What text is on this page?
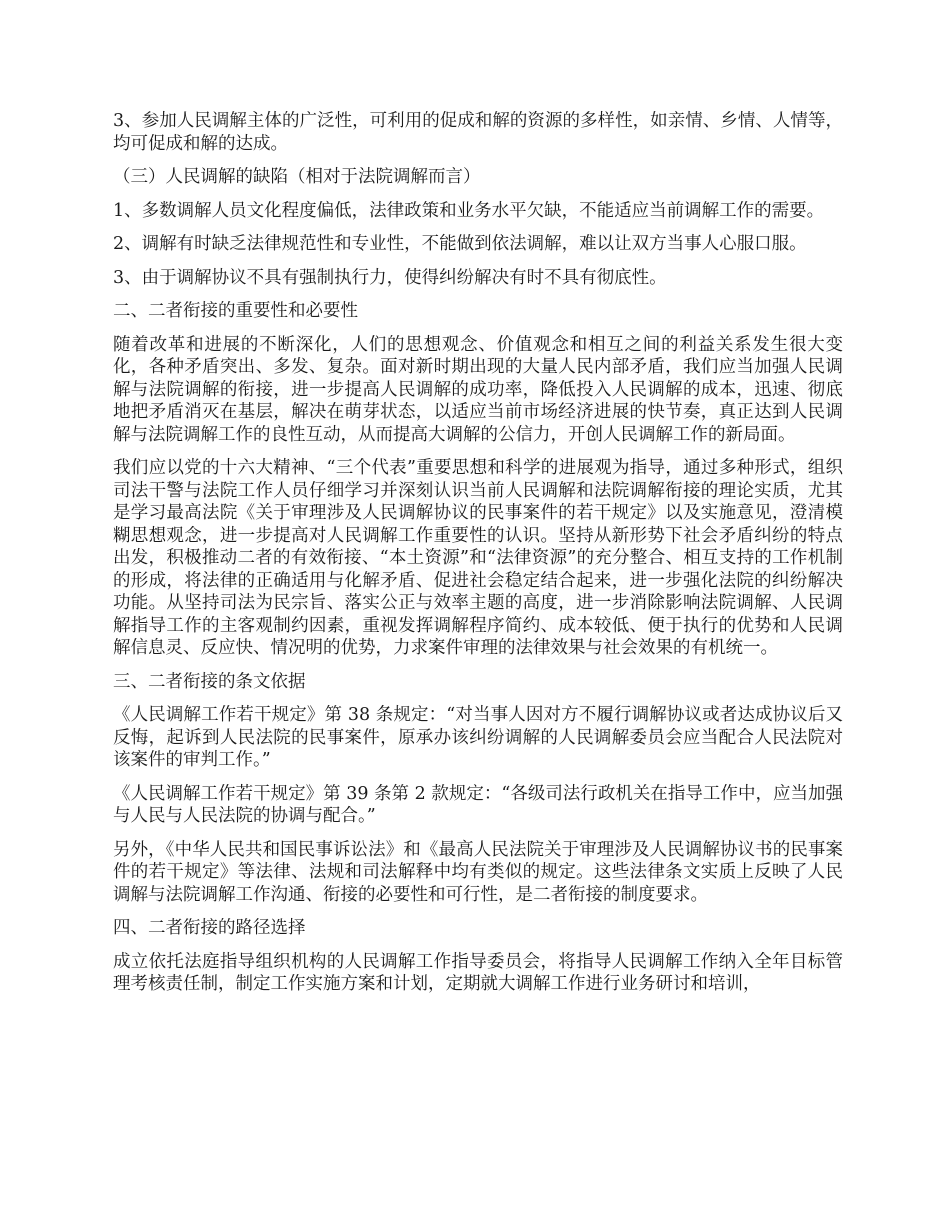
3、参加人民调解主体的广泛性，可利用的促成和解的资源的多样性，如亲情、乡情、人情等，均可促成和解的达成。

（三）人民调解的缺陷（相对于法院调解而言）

1、多数调解人员文化程度偏低，法律政策和业务水平欠缺，不能适应当前调解工作的需要。

2、调解有时缺乏法律规范性和专业性，不能做到依法调解，难以让双方当事人心服口服。

3、由于调解协议不具有强制执行力，使得纠纷解决有时不具有彻底性。

二、二者衔接的重要性和必要性

随着改革和进展的不断深化，人们的思想观念、价值观念和相互之间的利益关系发生很大变化，各种矛盾突出、多发、复杂。面对新时期出现的大量人民内部矛盾，我们应当加强人民调解与法院调解的衔接，进一步提高人民调解的成功率，降低投入人民调解的成本，迅速、彻底地把矛盾消灭在基层，解决在萌芽状态，以适应当前市场经济进展的快节奏，真正达到人民调解与法院调解工作的良性互动，从而提高大调解的公信力，开创人民调解工作的新局面。

我们应以党的十六大精神、“三个代表”重要思想和科学的进展观为指导，通过多种形式，组织司法干警与法院工作人员仔细学习并深刻认识当前人民调解和法院调解衔接的理论实质，尤其是学习最高法院《关于审理涉及人民调解协议的民事案件的若干规定》以及实施意见，澄清模糊思想观念，进一步提高对人民调解工作重要性的认识。坚持从新形势下社会矛盾纠纷的特点出发，积极推动二者的有效衔接、“本土资源”和“法律资源”的充分整合、相互支持的工作机制的形成，将法律的正确适用与化解矛盾、促进社会稳定结合起来，进一步强化法院的纠纷解决功能。从坚持司法为民宗旨、落实公正与效率主题的高度，进一步消除影响法院调解、人民调解指导工作的主客观制约因素，重视发挥调解程序简约、成本较低、便于执行的优势和人民调解信息灵、反应快、情况明的优势，力求案件审理的法律效果与社会效果的有机统一。

三、二者衔接的条文依据

《人民调解工作若干规定》第 38 条规定：“对当事人因对方不履行调解协议或者达成协议后又反悔，起诉到人民法院的民事案件，原承办该纠纷调解的人民调解委员会应当配合人民法院对该案件的审判工作。”

《人民调解工作若干规定》第 39 条第 2 款规定：“各级司法行政机关在指导工作中，应当加强与人民与人民法院的协调与配合。”

另外，《中华人民共和国民事诉讼法》和《最高人民法院关于审理涉及人民调解协议书的民事案件的若干规定》等法律、法规和司法解释中均有类似的规定。这些法律条文实质上反映了人民调解与法院调解工作沟通、衔接的必要性和可行性，是二者衔接的制度要求。

四、二者衔接的路径选择

成立依托法庭指导组织机构的人民调解工作指导委员会，将指导人民调解工作纳入全年目标管理考核责任制，制定工作实施方案和计划，定期就大调解工作进行业务研讨和培训，
